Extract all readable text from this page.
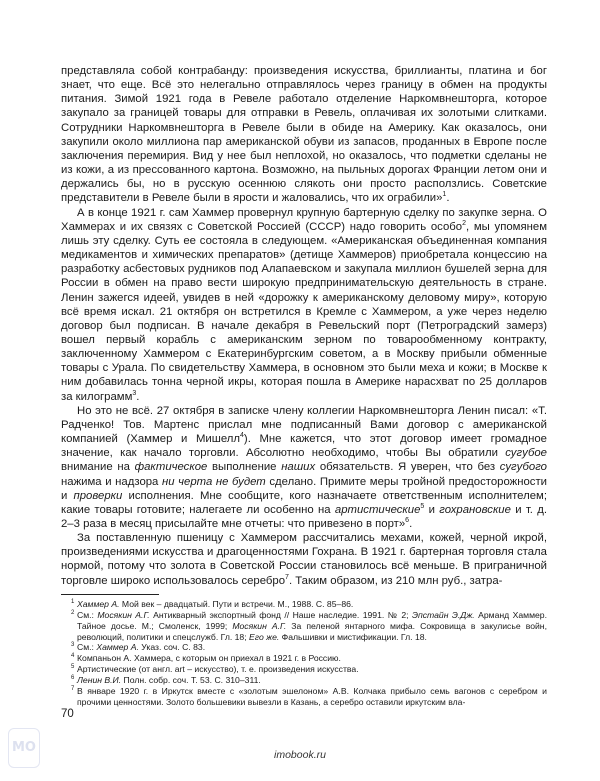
представляла собой контрабанду: произведения искусства, бриллианты, платина и бог знает, что еще. Всё это нелегально отправлялось через границу в обмен на продукты питания. Зимой 1921 года в Ревеле работало отделение Наркомвнешторга, которое закупало за границей товары для отправки в Ревель, оплачивая их золотыми слитками. Сотрудники Наркомвнешторга в Ревеле были в обиде на Америку. Как оказалось, они закупили около миллиона пар американской обуви из запасов, проданных в Европе после заключения перемирия. Вид у нее был неплохой, но оказалось, что подметки сделаны не из кожи, а из прессованного картона. Возможно, на пыльных дорогах Франции летом они и держались бы, но в русскую осеннюю слякоть они просто расползлись. Советские представители в Ревеле были в ярости и жаловались, что их ограбили»$^1$.

А в конце 1921 г. сам Хаммер провернул крупную бартерную сделку по закупке зерна. О Хаммерах и их связях с Советской Россией (СССР) надо говорить особо$^2$, мы упомянем лишь эту сделку. Суть ее состояла в следующем. «Американская объединенная компания медикаментов и химических препаратов» (детище Хаммеров) приобретала концессию на разработку асбестовых рудников под Алапаевском и закупала миллион бушелей зерна для России в обмен на право вести широкую предпринимательскую деятельность в стране. Ленин зажегся идеей, увидев в ней «дорожку к американскому деловому миру», которую всё время искал. 21 октября он встретился в Кремле с Хаммером, а уже через неделю договор был подписан. В начале декабря в Ревельский порт (Петроградский замерз) вошел первый корабль с американским зерном по товарообменному контракту, заключенному Хаммером с Екатеринбургским советом, а в Москву прибыли обменные товары с Урала. По свидетельству Хаммера, в основном это были меха и кожи; в Москве к ним добавилась тонна черной икры, которая пошла в Америке нарасхват по 25 долларов за килограмм$^3$.

Но это не всё. 27 октября в записке члену коллегии Наркомвнешторга Ленин писал: «Т. Радченко! Тов. Мартенс прислал мне подписанный Вами договор с американской компанией (Хаммер и Мишелл$^4$). Мне кажется, что этот договор имеет громадное значение, как начало торговли. Абсолютно необходимо, чтобы Вы обратили сугубое внимание на фактическое выполнение наших обязательств. Я уверен, что без сугубого нажима и надзора ни черта не будет сделано. Примите меры тройной предосторожности и проверки исполнения. Мне сообщите, кого назначаете ответственным исполнителем; какие товары готовите; налегаете ли особенно на артистические$^5$ и гохрановские и т. д. 2–3 раза в месяц присылайте мне отчеты: что привезено в порт»$^6$.

За поставленную пшеницу с Хаммером рассчитались мехами, кожей, черной икрой, произведениями искусства и драгоценностями Гохрана. В 1921 г. бартерная торговля стала нормой, потому что золота в Советской России становилось всё меньше. В приграничной торговле широко использовалось серебро$^7$. Таким образом, из 210 млн руб., затра-

1 Хаммер А. Мой век – двадцатый. Пути и встречи. М., 1988. С. 85–86.

2 См.: Мосякин А.Г. Антикварный экспортный фонд // Наше наследие. 1991. № 2; Эпстайн Э.Дж. Арманд Хаммер. Тайное досье. М.; Смоленск, 1999; Мосякин А.Г. За пеленой янтарного мифа. Сокровища в закулисье войн, революций, политики и спецслужб. Гл. 18; Его же. Фальшивки и мистификации. Гл. 18.

3 См.: Хаммер А. Указ. соч. С. 83.

4 Компаньон А. Хаммера, с которым он приехал в 1921 г. в Россию.

5 Артистические (от англ. art – искусство), т. е. произведения искусства.

6 Ленин В.И. Полн. собр. соч. Т. 53. С. 310–311.

7 В январе 1920 г. в Иркутск вместе с «золотым эшелоном» А.В. Колчака прибыло семь вагонов с серебром и прочими ценностями. Золото большевики вывезли в Казань, а серебро оставили иркутским вла-

70
MO	imobook.ru
